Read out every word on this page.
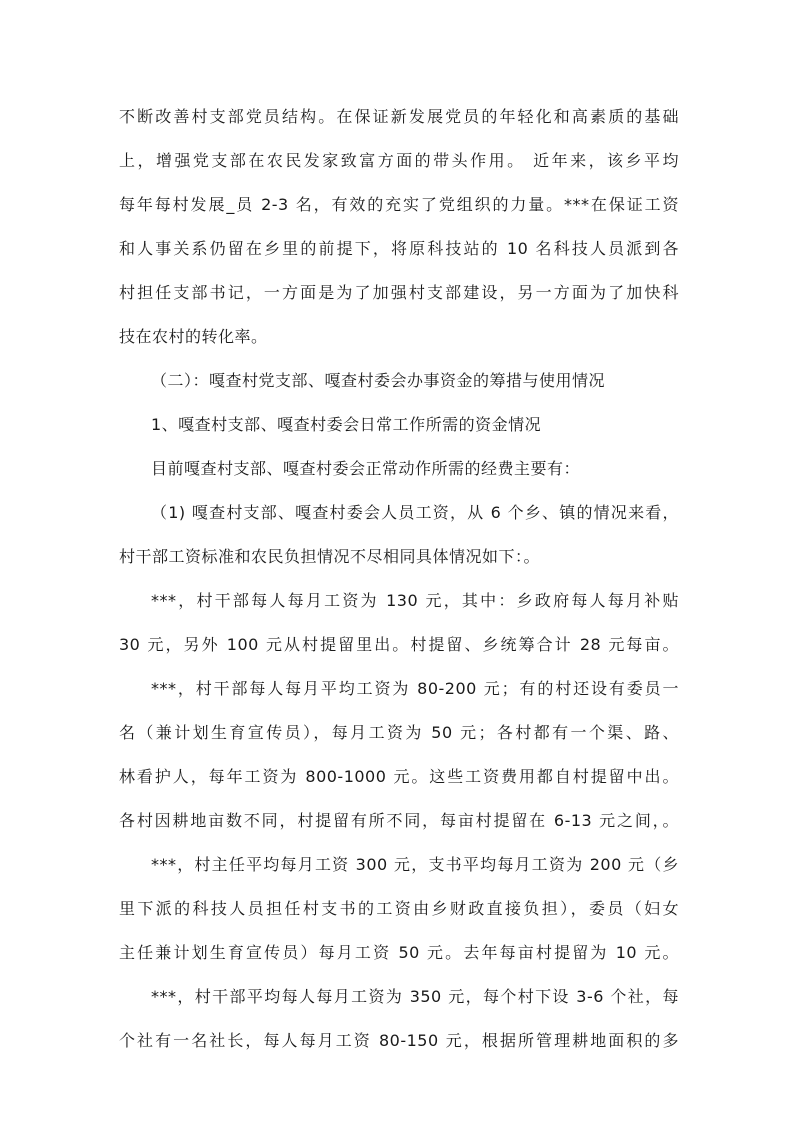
不断改善村支部党员结构。在保证新发展党员的年轻化和高素质的基础
上，增强党支部在农民发家致富方面的带头作用。 近年来，该乡平均
每年每村发展_员 2-3 名，有效的充实了党组织的力量。***在保证工资
和人事关系仍留在乡里的前提下，将原科技站的 10 名科技人员派到各
村担任支部书记，一方面是为了加强村支部建设，另一方面为了加快科
技在农村的转化率。
（二）：嘎查村党支部、嘎查村委会办事资金的筹措与使用情况
1、嘎查村支部、嘎查村委会日常工作所需的资金情况
目前嘎查村支部、嘎查村委会正常动作所需的经费主要有：
（1) 嘎查村支部、嘎查村委会人员工资，从 6 个乡、镇的情况来看，
村干部工资标准和农民负担情况不尽相同具体情况如下：。
***，村干部每人每月工资为 130 元，其中：乡政府每人每月补贴
30 元，另外 100 元从村提留里出。村提留、乡统筹合计 28 元每亩。
***，村干部每人每月平均工资为 80-200 元；有的村还设有委员一
名（兼计划生育宣传员），每月工资为 50 元；各村都有一个渠、路、
林看护人，每年工资为 800-1000 元。这些工资费用都自村提留中出。
各村因耕地亩数不同，村提留有所不同，每亩村提留在 6-13 元之间，。
***，村主任平均每月工资 300 元，支书平均每月工资为 200 元（乡
里下派的科技人员担任村支书的工资由乡财政直接负担），委员（妇女
主任兼计划生育宣传员）每月工资 50 元。去年每亩村提留为 10 元。
***，村干部平均每人每月工资为 350 元，每个村下设 3-6 个社，每
个社有一名社长，每人每月工资 80-150 元，根据所管理耕地面积的多
